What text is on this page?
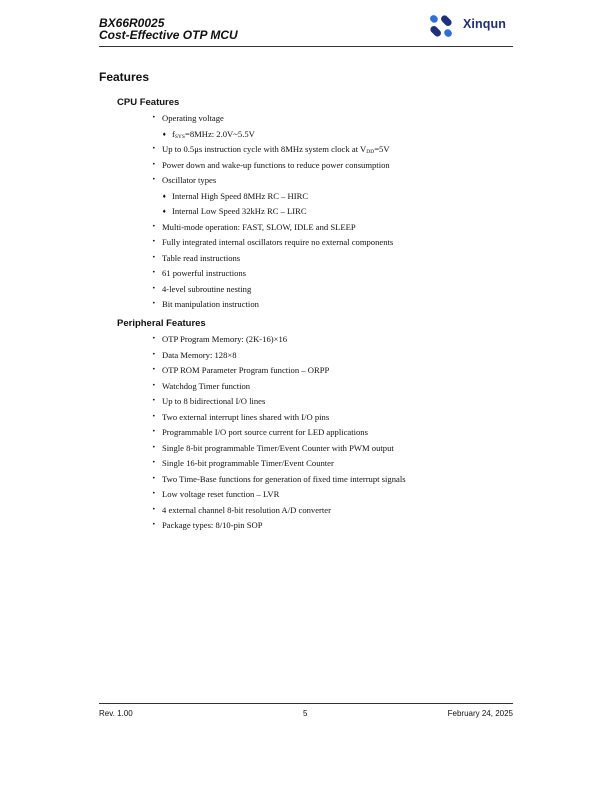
BX66R0025
Cost-Effective OTP MCU
Xinqun
Features
CPU Features
• Operating voltage
♦ $f_{SYS}=8MHz$: 2.0V~5.5V
• Up to 0.5μs instruction cycle with 8MHz system clock at $V_{DD}=5V$
• Power down and wake-up functions to reduce power consumption
• Oscillator types
♦ Internal High Speed 8MHz RC – HIRC
♦ Internal Low Speed 32kHz RC – LIRC
• Multi-mode operation: FAST, SLOW, IDLE and SLEEP
• Fully integrated internal oscillators require no external components
• Table read instructions
• 61 powerful instructions
• 4-level subroutine nesting
• Bit manipulation instruction
Peripheral Features
• OTP Program Memory: (2K-16)×16
• Data Memory: 128×8
• OTP ROM Parameter Program function – ORPP
• Watchdog Timer function
• Up to 8 bidirectional I/O lines
• Two external interrupt lines shared with I/O pins
• Programmable I/O port source current for LED applications
• Single 8-bit programmable Timer/Event Counter with PWM output
• Single 16-bit programmable Timer/Event Counter
• Two Time-Base functions for generation of fixed time interrupt signals
• Low voltage reset function – LVR
• 4 external channel 8-bit resolution A/D converter
• Package types: 8/10-pin SOP
Rev. 1.00	5	February 24, 2025
